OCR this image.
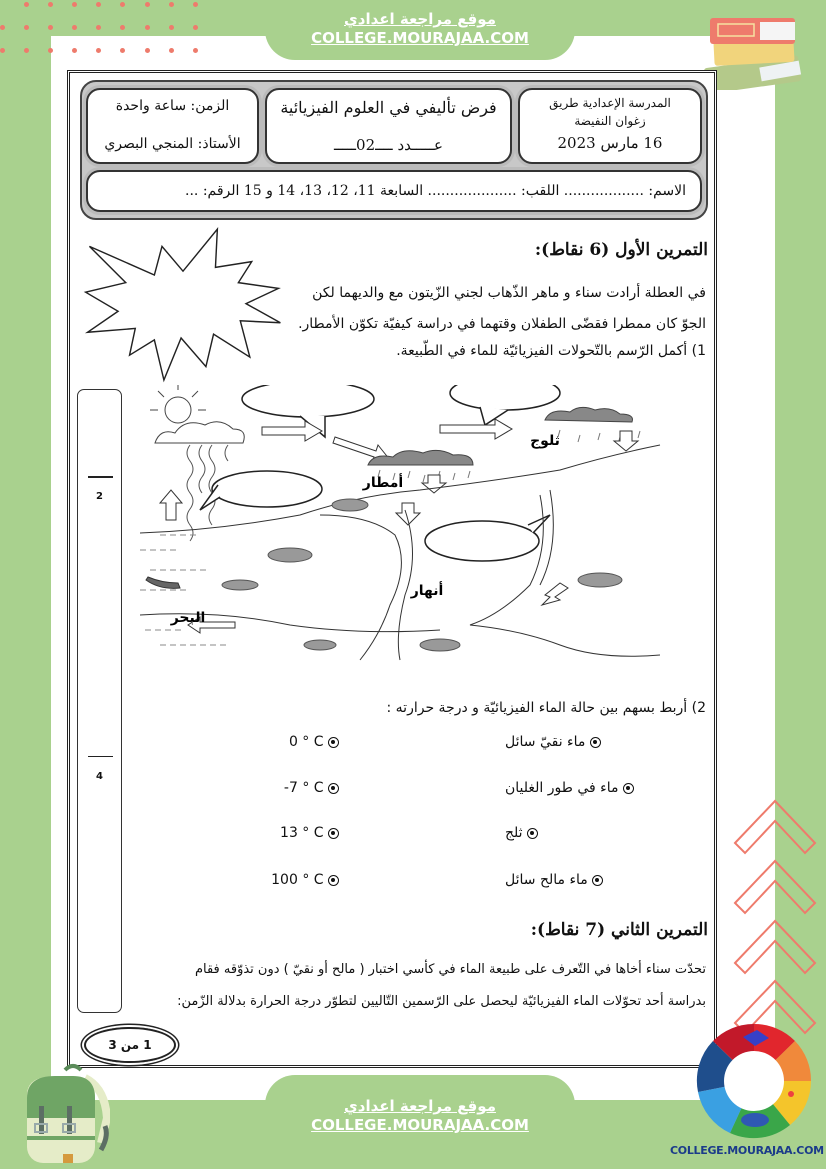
موقع مراجعة اعدادي
COLLEGE.MOURAJAA.COM
المدرسة الإعدادية طريق
زغوان النفيضة
16 مارس 2023
فرض تأليفي في العلوم الفيزيائية
عـــــدد ــــ02ـــــ
الزمن: ساعة واحدة
الأستاذ: المنجي البصري
الاسم: .................. اللقب: .................... السابعة 11، 12، 13، 14 و 15 الرقم: ...
التمرين الأول (6 نقاط):
في العطلة أرادت سناء و ماهر الذّهاب لجني الزّيتون مع والديهما لكن
الجوّ كان ممطرا فقضّى الطفلان وقتهما في دراسة كيفيّة تكوّن الأمطار.
1) أكمل الرّسم بالتّحولات الفيزيائيّة للماء في الطّبيعة.
2
4
ثلوج
أمطار
أنهار
البحر
2) أربط بسهم بين حالة الماء الفيزيائيّة و درجة حرارته :
ماء نقيّ سائل
ماء في طور الغليان
ثلج
ماء مالح سائل
0 ° C
-7 ° C
13 ° C
100 ° C
التمرين الثاني (7 نقاط):
تحدّت سناء أخاها في التّعرف على طبيعة الماء في كأسي اختبار ( مالح أو نقيّ ) دون تذوّقه فقام
بدراسة أحد تحوّلات الماء الفيزيائيّة ليحصل على الرّسمين التّاليين لتطوّر درجة الحرارة بدلالة الزّمن:
1 من 3
موقع مراجعة اعدادي
COLLEGE.MOURAJAA.COM
COLLEGE.MOURAJAA.COM
